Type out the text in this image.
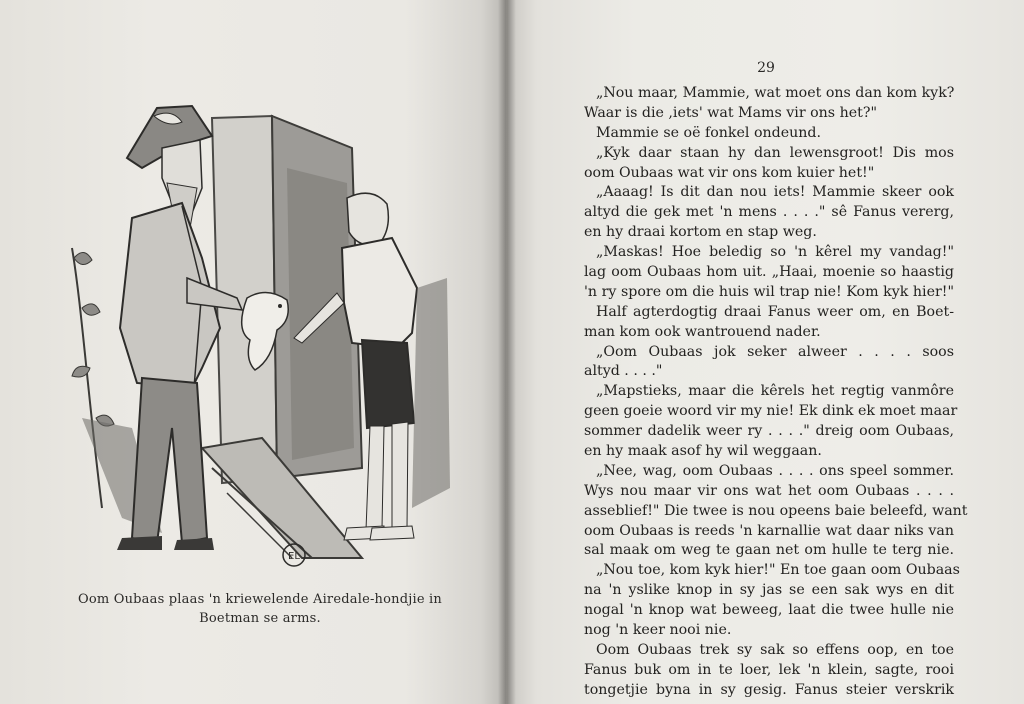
EL
Oom Oubaas plaas 'n kriewelende Airedale-hondjie in
Boetman se arms.
29
„Nou maar, Mammie, wat moet ons dan kom kyk?
Waar is die ,iets' wat Mams vir ons het?"
Mammie se oë fonkel ondeund.
„Kyk daar staan hy dan lewensgroot! Dis mos
oom Oubaas wat vir ons kom kuier het!"
„Aaaag! Is dit dan nou iets! Mammie skeer ook
altyd die gek met 'n mens . . . ." sê Fanus vererg,
en hy draai kortom en stap weg.
„Maskas! Hoe beledig so 'n kêrel my vandag!"
lag oom Oubaas hom uit. „Haai, moenie so haastig
'n ry spore om die huis wil trap nie! Kom kyk hier!"
Half agterdogtig draai Fanus weer om, en Boet-
man kom ook wantrouend nader.
„Oom Oubaas jok seker alweer . . . . soos
altyd . . . ."
„Mapstieks, maar die kêrels het regtig vanmôre
geen goeie woord vir my nie! Ek dink ek moet maar
sommer dadelik weer ry . . . ." dreig oom Oubaas,
en hy maak asof hy wil weggaan.
„Nee, wag, oom Oubaas . . . . ons speel sommer.
Wys nou maar vir ons wat het oom Oubaas . . . .
asseblief!" Die twee is nou opeens baie beleefd, want
oom Oubaas is reeds 'n karnallie wat daar niks van
sal maak om weg te gaan net om hulle te terg nie.
„Nou toe, kom kyk hier!" En toe gaan oom Oubaas
na 'n yslike knop in sy jas se een sak wys en dit
nogal 'n knop wat beweeg, laat die twee hulle nie
nog 'n keer nooi nie.
Oom Oubaas trek sy sak so effens oop, en toe
Fanus buk om in te loer, lek 'n klein, sagte, rooi
tongetjie byna in sy gesig. Fanus steier verskrik
